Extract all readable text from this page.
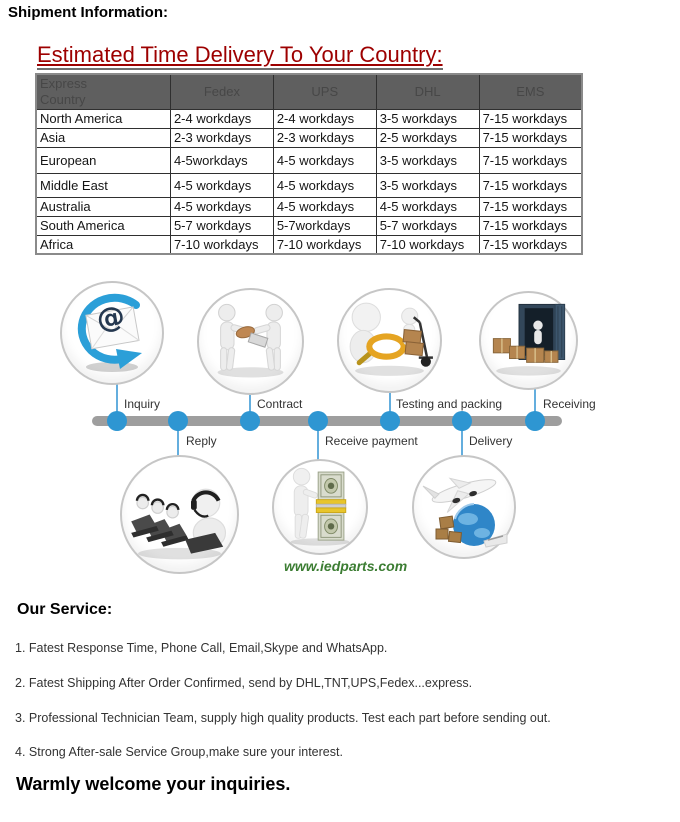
Shipment Information:
Estimated Time Delivery To Your Country:
Express
Country	Fedex	UPS	DHL	EMS
North America	2-4 workdays	2-4 workdays	3-5 workdays	7-15 workdays
Asia	2-3 workdays	2-3 workdays	2-5 workdays	7-15 workdays
European	4-5workdays	4-5 workdays	3-5 workdays	7-15 workdays
Middle East	4-5 workdays	4-5 workdays	3-5 workdays	7-15 workdays
Australia	4-5 workdays	4-5 workdays	4-5 workdays	7-15 workdays
South America	5-7 workdays	5-7workdays	5-7 workdays	7-15 workdays
Africa	7-10 workdays	7-10 workdays	7-10 workdays	7-15 workdays
Inquiry	Contract	Testing and packing	Receiving
Reply	Receive payment	Delivery
@
www.iedparts.com
Our Service:
1. Fatest Response Time, Phone Call, Email,Skype and WhatsApp.
2. Fatest Shipping After Order Confirmed, send by DHL,TNT,UPS,Fedex...express.
3. Professional Technician Team, supply high quality products. Test each part before sending out.
4. Strong After-sale Service Group,make sure your interest.
Warmly welcome your inquiries.
